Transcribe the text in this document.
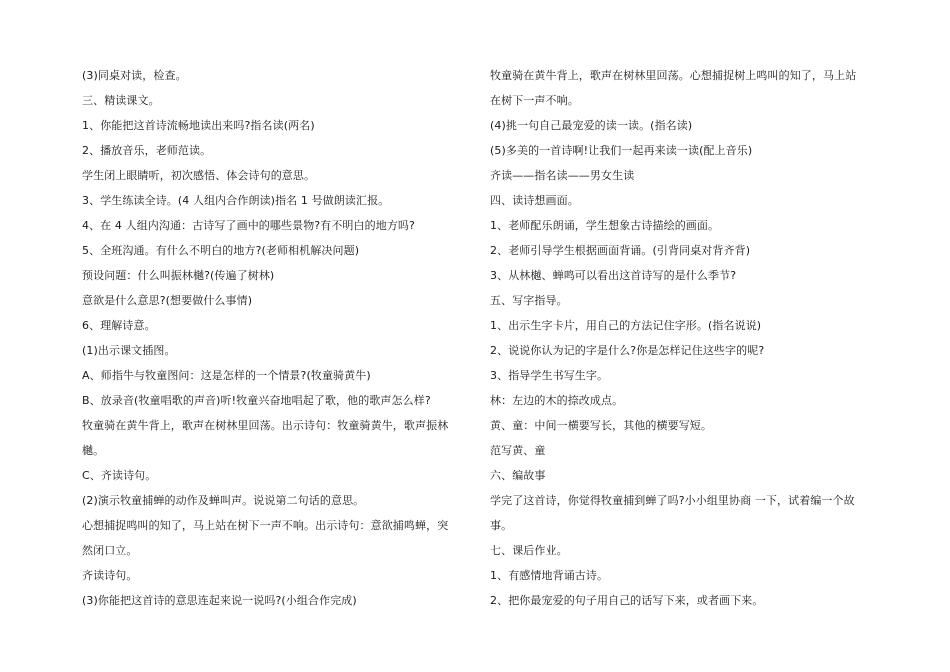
(3)同桌对读，检查。
三、精读课文。
1、你能把这首诗流畅地读出来吗?指名读(两名)
2、播放音乐，老师范读。
学生闭上眼睛听，初次感悟、体会诗句的意思。
3、学生练读全诗。(4 人组内合作朗读)指名 1 号做朗读汇报。
4、在 4 人组内沟通：古诗写了画中的哪些景物?有不明白的地方吗?
5、全班沟通。有什么不明白的地方?(老师相机解决问题)
预设问题：什么叫振林樾?(传遍了树林)
意欲是什么意思?(想要做什么事情)
6、理解诗意。
(1)出示课文插图。
A、师指牛与牧童图问：这是怎样的一个情景?(牧童骑黄牛)
B、放录音(牧童唱歌的声音)听!牧童兴奋地唱起了歌，他的歌声怎么样?
牧童骑在黄牛背上，歌声在树林里回荡。出示诗句：牧童骑黄牛，歌声振林
樾。
C、齐读诗句。
(2)演示牧童捕蝉的动作及蝉叫声。说说第二句话的意思。
心想捕捉鸣叫的知了，马上站在树下一声不响。出示诗句：意欲捕鸣蝉，突
然闭口立。
齐读诗句。
(3)你能把这首诗的意思连起来说一说吗?(小组合作完成)
牧童骑在黄牛背上，歌声在树林里回荡。心想捕捉树上鸣叫的知了，马上站
在树下一声不响。
(4)挑一句自己最宠爱的读一读。(指名读)
(5)多美的一首诗啊!让我们一起再来读一读(配上音乐)
齐读——指名读——男女生读
四、读诗想画面。
1、老师配乐朗诵，学生想象古诗描绘的画面。
2、老师引导学生根据画面背诵。(引背同桌对背齐背)
3、从林樾、蝉鸣可以看出这首诗写的是什么季节?
五、写字指导。
1、出示生字卡片，用自己的方法记住字形。(指名说说)
2、说说你认为记的字是什么?你是怎样记住这些字的呢?
3、指导学生书写生字。
林：左边的木的捺改成点。
黄、童：中间一横要写长，其他的横要写短。
范写黄、童
六、编故事
学完了这首诗，你觉得牧童捕到蝉了吗?小小组里协商 一下，试着编一个故
事。
七、课后作业。
1、有感情地背诵古诗。
2、把你最宠爱的句子用自己的话写下来，或者画下来。
